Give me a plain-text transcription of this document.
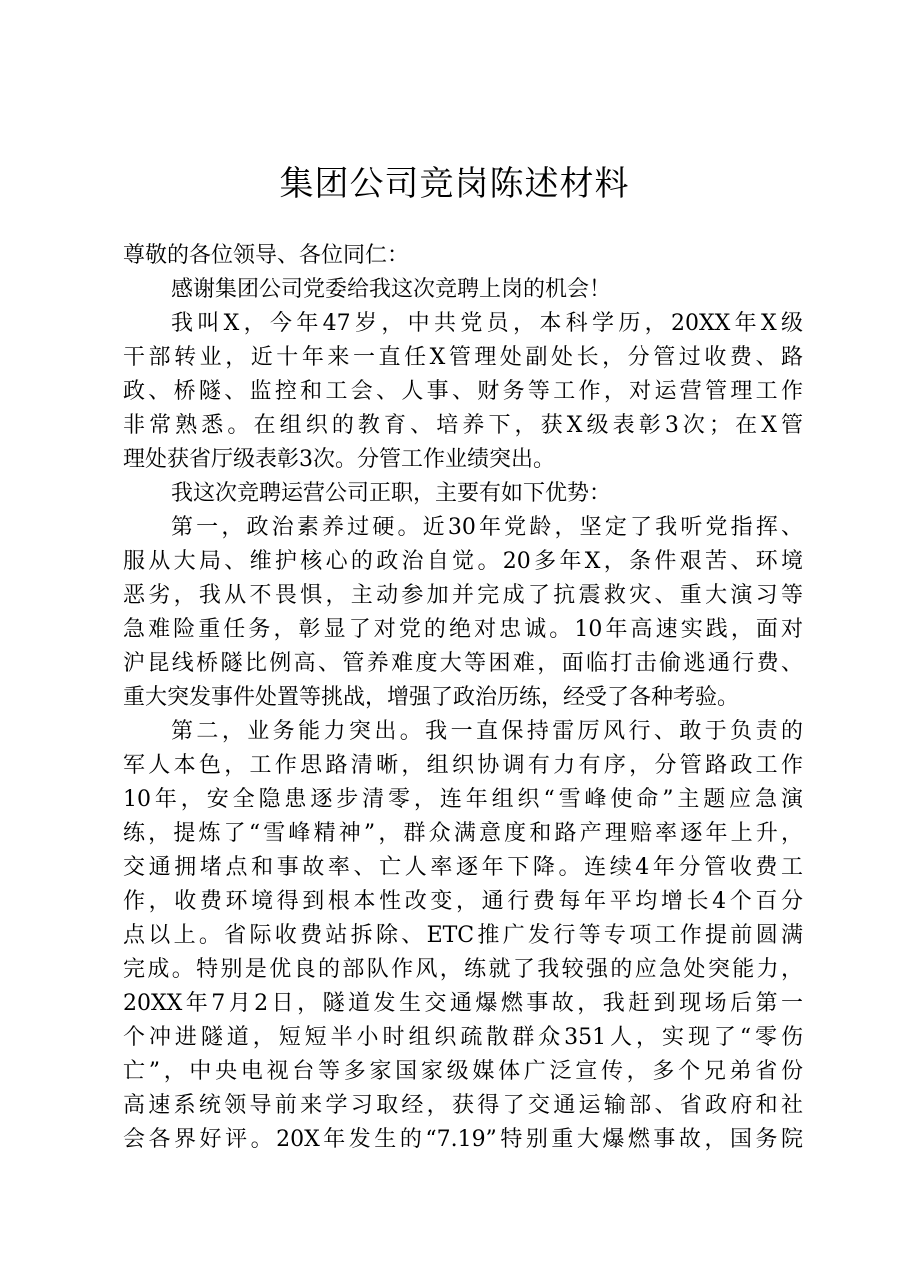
集团公司竞岗陈述材料
尊敬的各位领导、各位同仁：
感谢集团公司党委给我这次竞聘上岗的机会！
我叫X，今年47岁，中共党员，本科学历，20XX年X级
干部转业，近十年来一直任X管理处副处长，分管过收费、路
政、桥隧、监控和工会、人事、财务等工作，对运营管理工作
非常熟悉。在组织的教育、培养下，获X级表彰3次；在X管
理处获省厅级表彰3次。分管工作业绩突出。
我这次竞聘运营公司正职，主要有如下优势：
第一，政治素养过硬。近30年党龄，坚定了我听党指挥、
服从大局、维护核心的政治自觉。20多年X，条件艰苦、环境
恶劣，我从不畏惧，主动参加并完成了抗震救灾、重大演习等
急难险重任务，彰显了对党的绝对忠诚。10年高速实践，面对
沪昆线桥隧比例高、管养难度大等困难，面临打击偷逃通行费、
重大突发事件处置等挑战，增强了政治历练，经受了各种考验。
第二，业务能力突出。我一直保持雷厉风行、敢于负责的
军人本色，工作思路清晰，组织协调有力有序，分管路政工作
10年，安全隐患逐步清零，连年组织“雪峰使命”主题应急演
练，提炼了“雪峰精神”，群众满意度和路产理赔率逐年上升，
交通拥堵点和事故率、亡人率逐年下降。连续4年分管收费工
作，收费环境得到根本性改变，通行费每年平均增长4个百分
点以上。省际收费站拆除、ETC推广发行等专项工作提前圆满
完成。特别是优良的部队作风，练就了我较强的应急处突能力，
20XX年7月2日，隧道发生交通爆燃事故，我赶到现场后第一
个冲进隧道，短短半小时组织疏散群众351人，实现了“零伤
亡”，中央电视台等多家国家级媒体广泛宣传，多个兄弟省份
高速系统领导前来学习取经，获得了交通运输部、省政府和社
会各界好评。20X年发生的“7.19”特别重大爆燃事故，国务院
